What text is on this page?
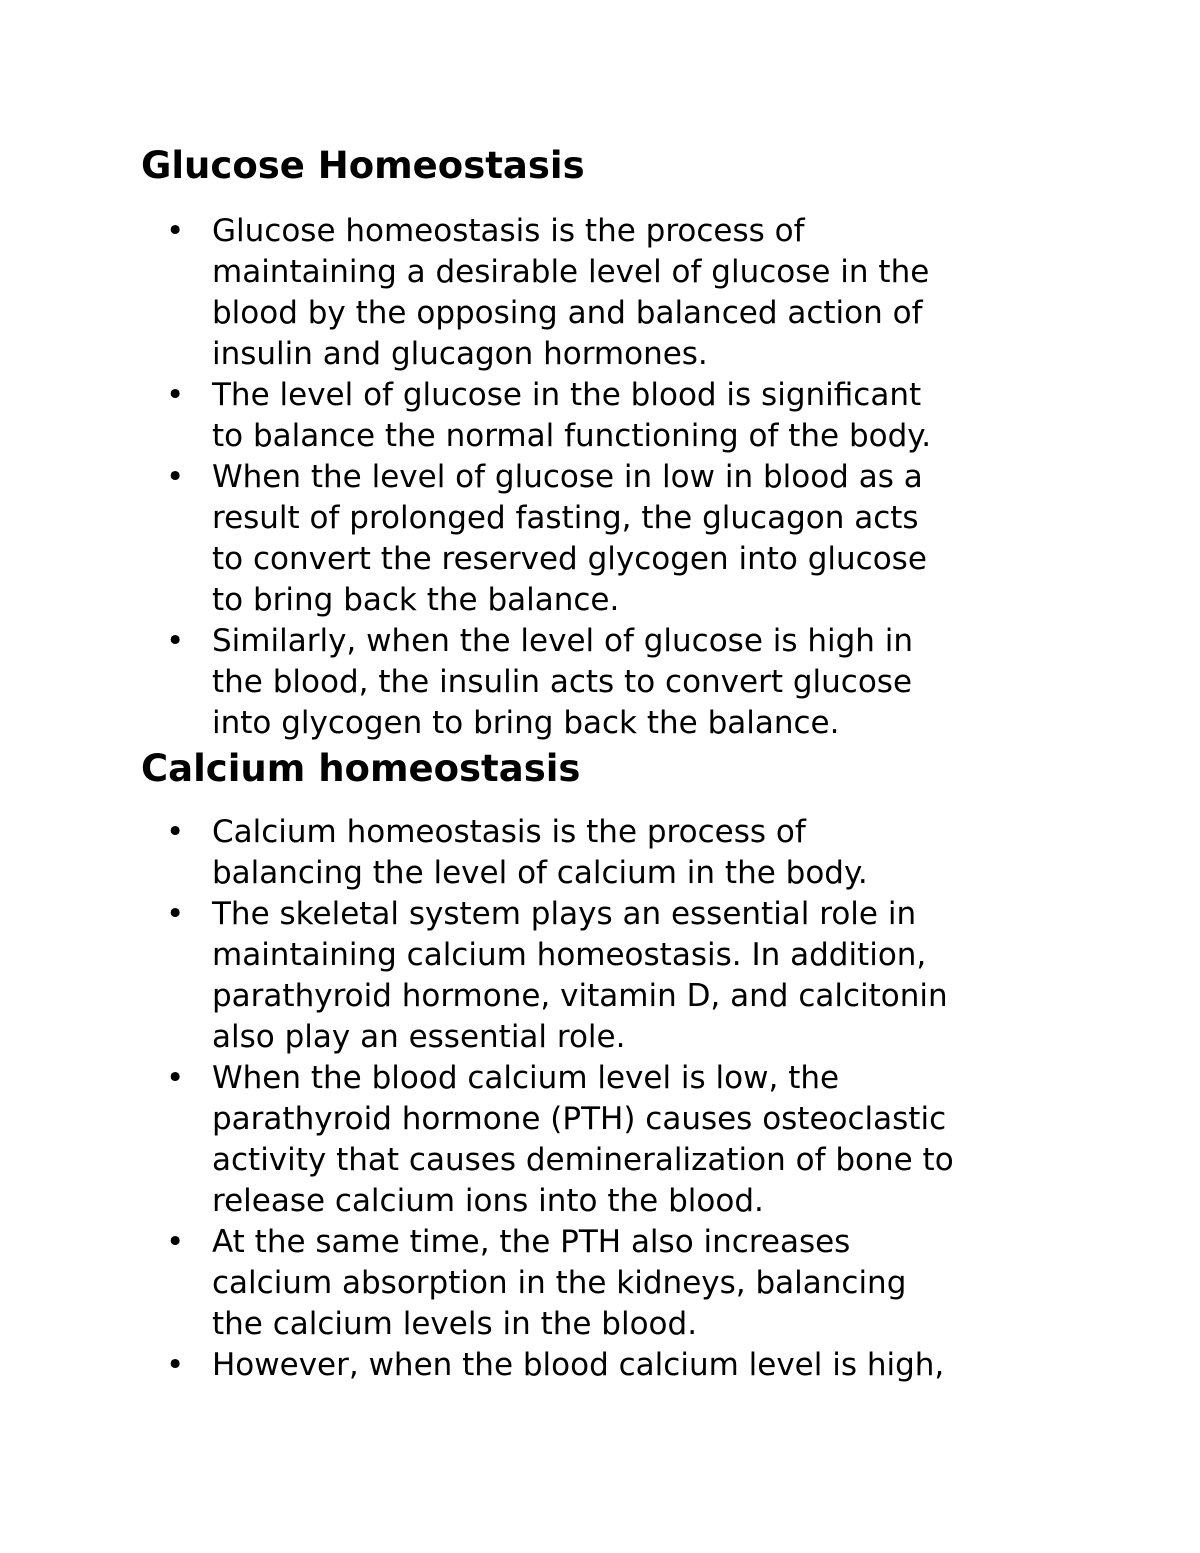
Glucose Homeostasis
• Glucose homeostasis is the process of
maintaining a desirable level of glucose in the
blood by the opposing and balanced action of
insulin and glucagon hormones.
• The level of glucose in the blood is significant
to balance the normal functioning of the body.
• When the level of glucose in low in blood as a
result of prolonged fasting, the glucagon acts
to convert the reserved glycogen into glucose
to bring back the balance.
• Similarly, when the level of glucose is high in
the blood, the insulin acts to convert glucose
into glycogen to bring back the balance.
Calcium homeostasis
• Calcium homeostasis is the process of
balancing the level of calcium in the body.
• The skeletal system plays an essential role in
maintaining calcium homeostasis. In addition,
parathyroid hormone, vitamin D, and calcitonin
also play an essential role.
• When the blood calcium level is low, the
parathyroid hormone (PTH) causes osteoclastic
activity that causes demineralization of bone to
release calcium ions into the blood.
• At the same time, the PTH also increases
calcium absorption in the kidneys, balancing
the calcium levels in the blood.
• However, when the blood calcium level is high,
